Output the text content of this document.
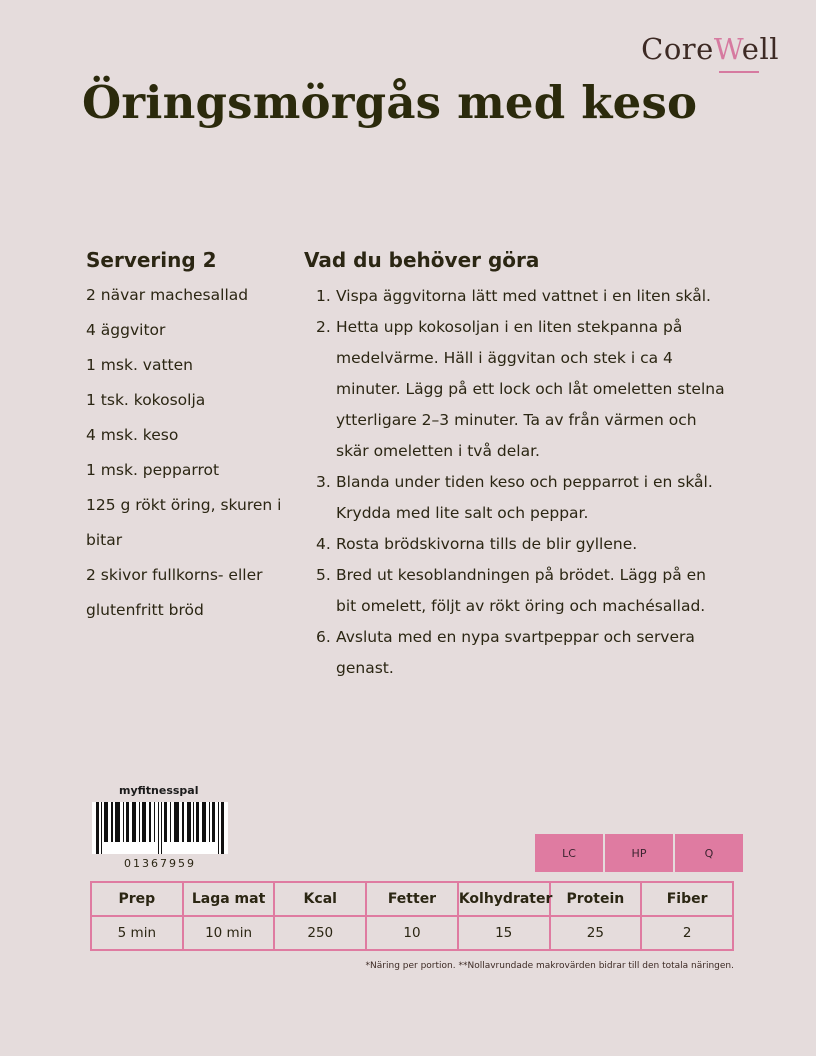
CoreWell
Öringsmörgås med keso
Servering 2
2 nävar machesallad
4 äggvitor
1 msk. vatten
1 tsk. kokosolja
4 msk. keso
1 msk. pepparrot
125 g rökt öring, skuren i bitar
2 skivor fullkorns- eller glutenfritt bröd
Vad du behöver göra
1. Vispa äggvitorna lätt med vattnet i en liten skål.
2. Hetta upp kokosoljan i en liten stekpanna på medelvärme. Häll i äggvitan och stek i ca 4 minuter. Lägg på ett lock och låt omeletten stelna ytterligare 2–3 minuter. Ta av från värmen och skär omeletten i två delar.
3. Blanda under tiden keso och pepparrot i en skål. Krydda med lite salt och peppar.
4. Rosta brödskivorna tills de blir gyllene.
5. Bred ut kesoblandningen på brödet. Lägg på en bit omelett, följt av rökt öring och machésallad.
6. Avsluta med en nypa svartpeppar och servera genast.
myfitnesspal
01367959
LC	HP	Q
Prep	Laga mat	Kcal	Fetter	Kolhydrater	Protein	Fiber
5 min	10 min	250	10	15	25	2
*Näring per portion. **Nollavrundade makrovärden bidrar till den totala näringen.
